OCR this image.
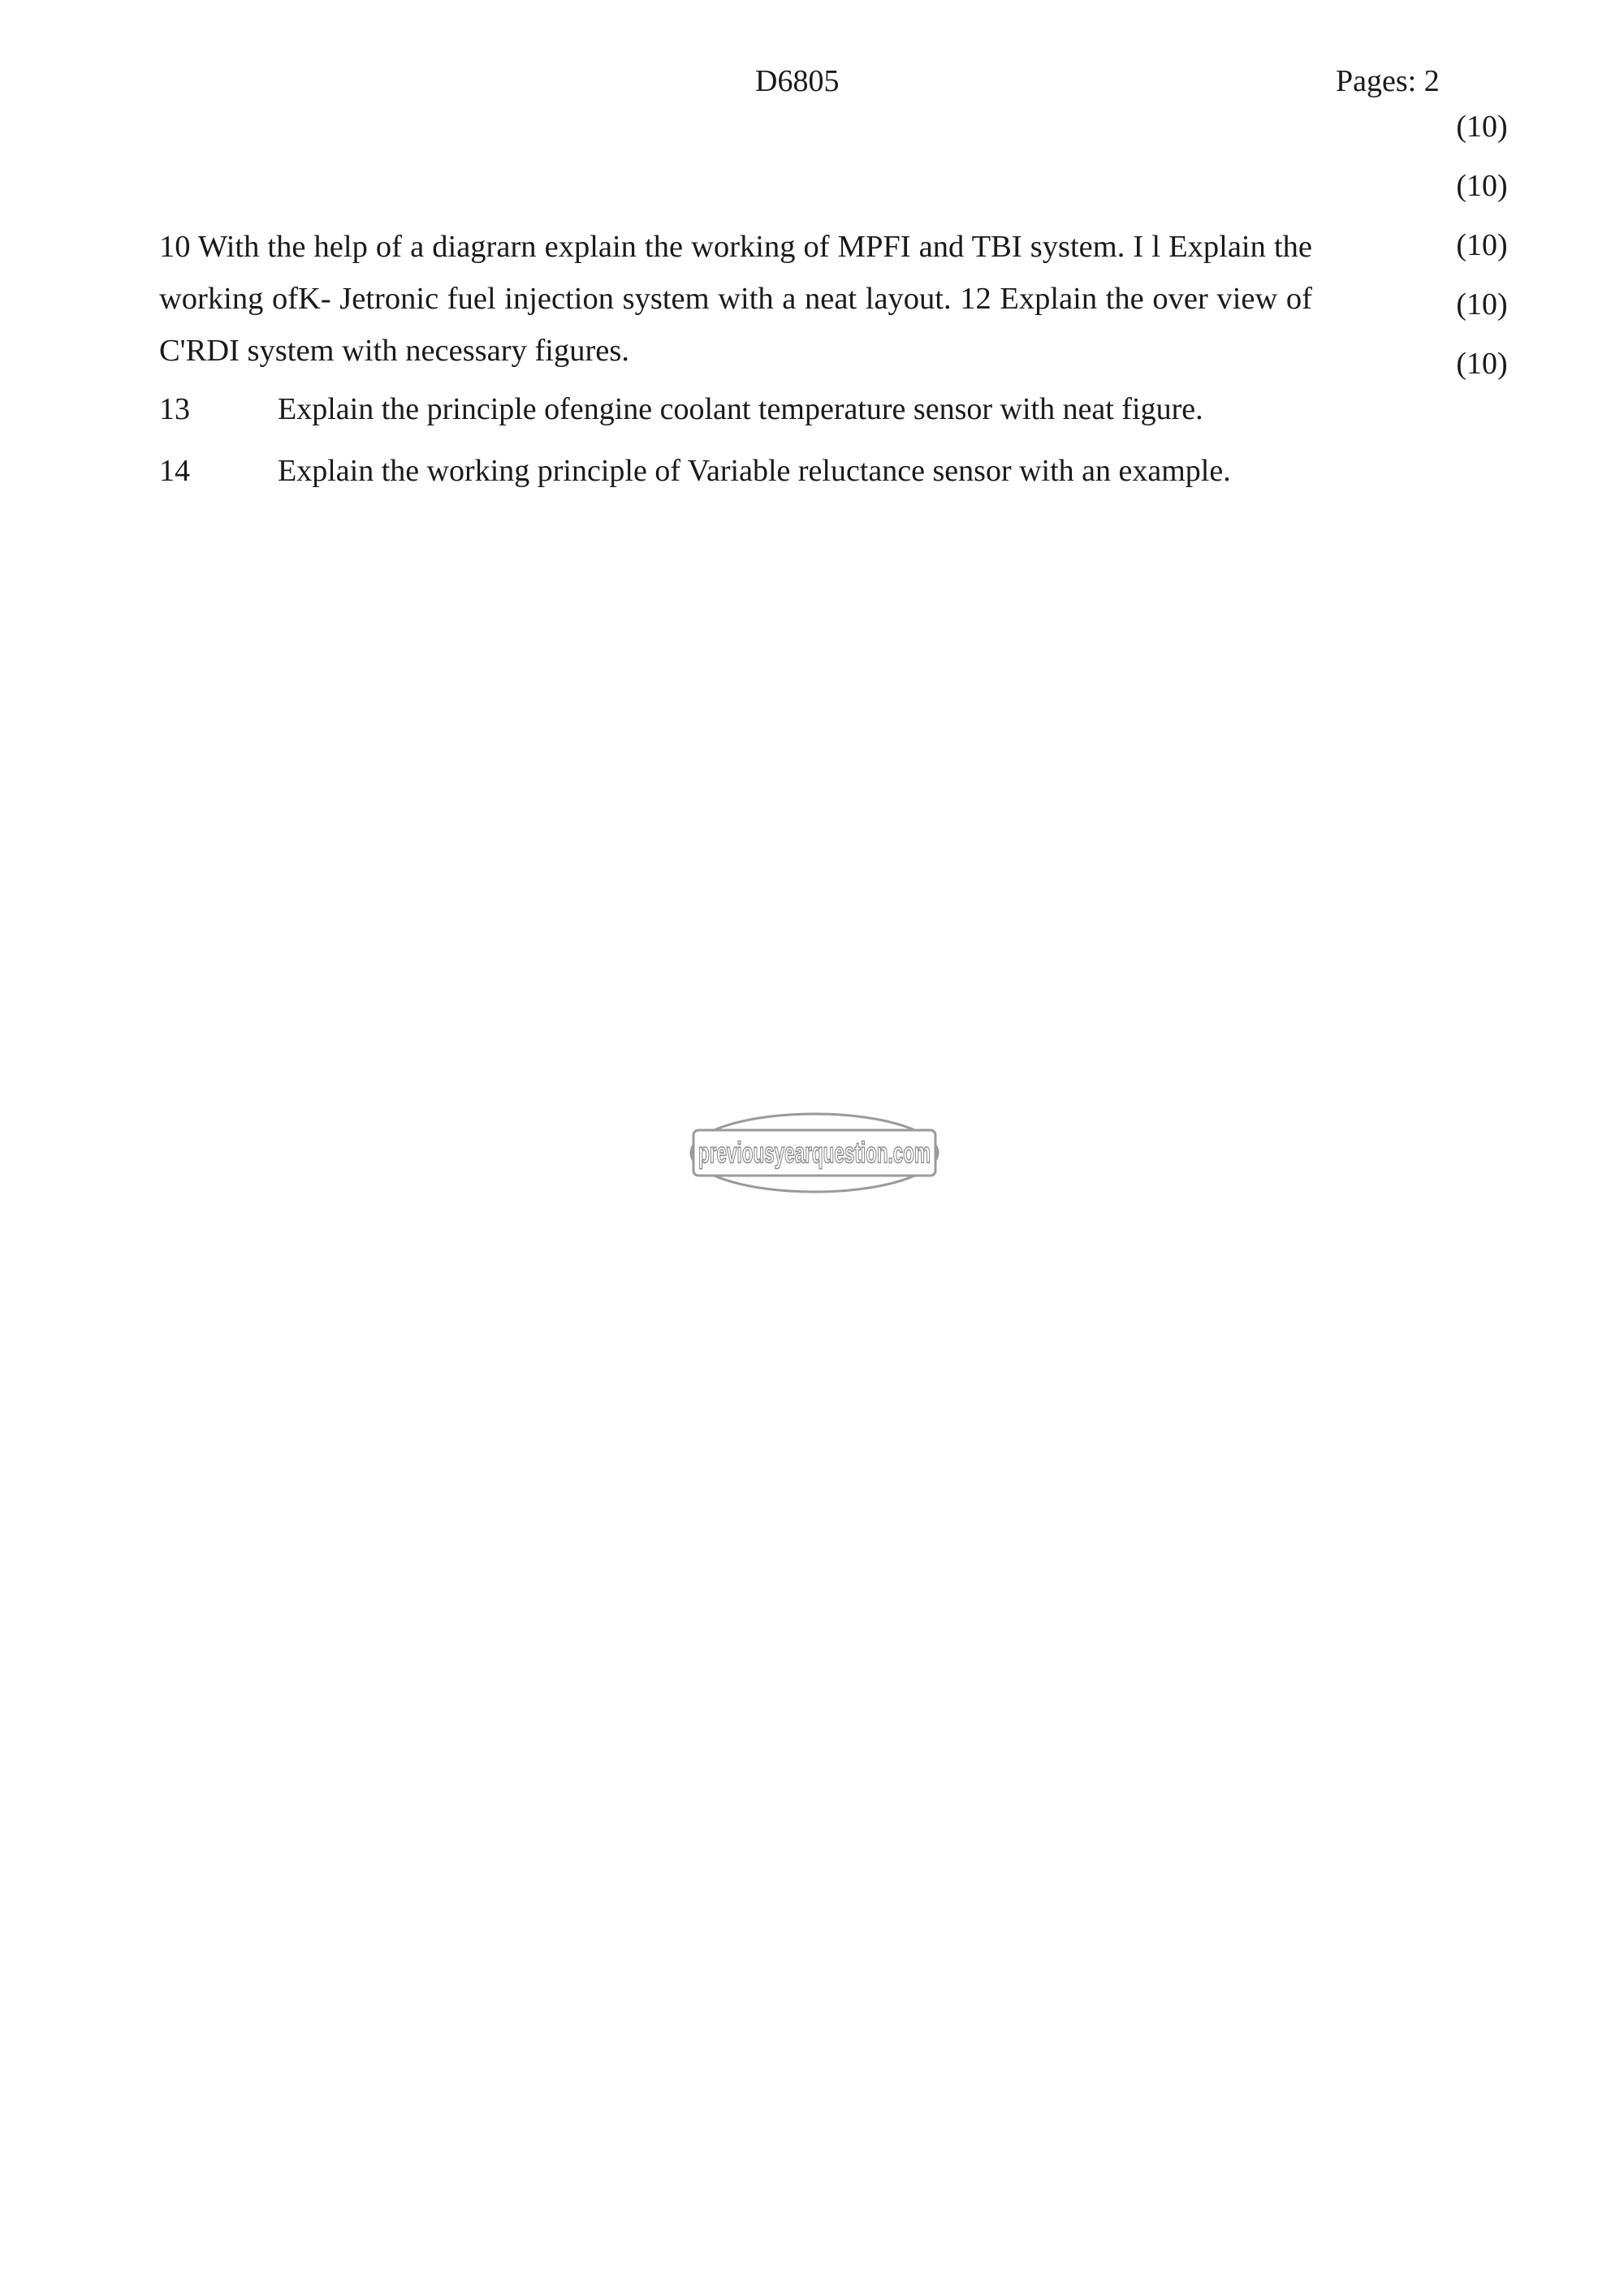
D6805	Pages: 2
(10)
(10)
(10)
(10)
(10)
10 With the help of a diagrarn explain the working of MPFI and TBI system. I l Explain the working ofK- Jetronic fuel injection system with a neat layout. 12 Explain the over view of C'RDI system with necessary figures.
13	Explain the principle ofengine coolant temperature sensor with neat figure.
14	Explain the working principle of Variable reluctance sensor with an example.
previousyearquestion.com
